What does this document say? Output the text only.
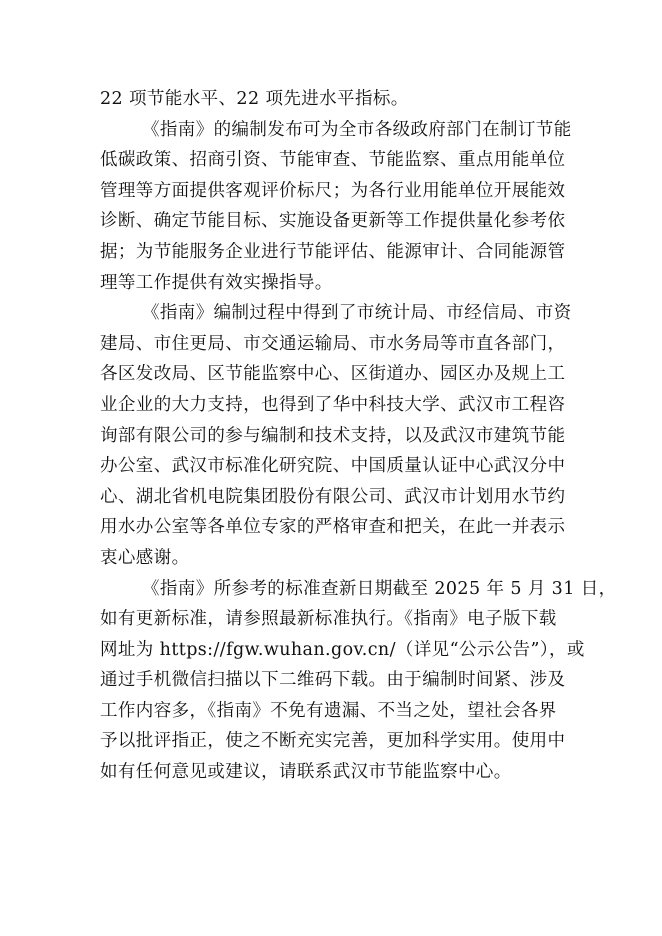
22 项节能水平、22 项先进水平指标。
《指南》的编制发布可为全市各级政府部门在制订节能
低碳政策、招商引资、节能审查、节能监察、重点用能单位
管理等方面提供客观评价标尺；为各行业用能单位开展能效
诊断、确定节能目标、实施设备更新等工作提供量化参考依
据；为节能服务企业进行节能评估、能源审计、合同能源管
理等工作提供有效实操指导。
《指南》编制过程中得到了市统计局、市经信局、市资
建局、市住更局、市交通运输局、市水务局等市直各部门，
各区发改局、区节能监察中心、区街道办、园区办及规上工
业企业的大力支持，也得到了华中科技大学、武汉市工程咨
询部有限公司的参与编制和技术支持，以及武汉市建筑节能
办公室、武汉市标准化研究院、中国质量认证中心武汉分中
心、湖北省机电院集团股份有限公司、武汉市计划用水节约
用水办公室等各单位专家的严格审查和把关，在此一并表示
衷心感谢。
《指南》所参考的标准查新日期截至 2025 年 5 月 31 日，
如有更新标准，请参照最新标准执行。《指南》电子版下载
网址为 https://fgw.wuhan.gov.cn/（详见“公示公告”），或
通过手机微信扫描以下二维码下载。由于编制时间紧、涉及
工作内容多，《指南》不免有遗漏、不当之处，望社会各界
予以批评指正，使之不断充实完善，更加科学实用。使用中
如有任何意见或建议，请联系武汉市节能监察中心。
